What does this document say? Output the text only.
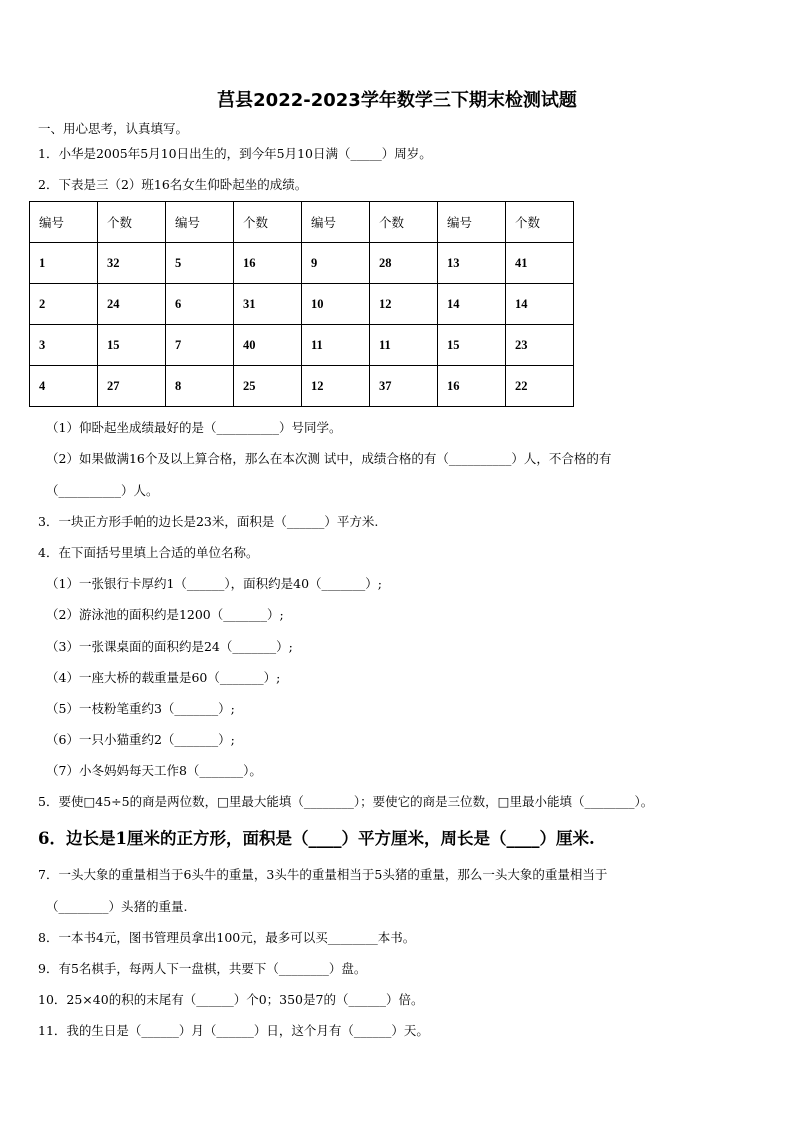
莒县2022-2023学年数学三下期末检测试题
一、用心思考，认真填写。
1．小华是2005年5月10日出生的，到今年5月10日满（_____）周岁。
2．下表是三（2）班16名女生仰卧起坐的成绩。
编号	个数	编号	个数	编号	个数	编号	个数
1	32	5	16	9	28	13	41
2	24	6	31	10	12	14	14
3	15	7	40	11	11	15	23
4	27	8	25	12	37	16	22
（1）仰卧起坐成绩最好的是（__________）号同学。
（2）如果做满16个及以上算合格，那么在本次测 试中，成绩合格的有（__________）人，不合格的有
（__________）人。
3．一块正方形手帕的边长是23米，面积是（______）平方米.
4．在下面括号里填上合适的单位名称。
（1）一张银行卡厚约1（______），面积约是40（_______）;
（2）游泳池的面积约是1200（_______）;
（3）一张课桌面的面积约是24（_______）;
（4）一座大桥的载重量是60（_______）;
（5）一枝粉笔重约3（_______）;
（6）一只小猫重约2（_______）;
（7）小冬妈妈每天工作8（_______）。
5．要使□45÷5的商是两位数，□里最大能填（________）；要使它的商是三位数，□里最小能填（________）。
6．边长是1厘米的正方形，面积是（____）平方厘米，周长是（____）厘米.
7．一头大象的重量相当于6头牛的重量，3头牛的重量相当于5头猪的重量，那么一头大象的重量相当于
（________）头猪的重量.
8．一本书4元，图书管理员拿出100元，最多可以买________本书。
9．有5名棋手，每两人下一盘棋，共要下（________）盘。
10．25×40的积的末尾有（______）个0；350是7的（______）倍。
11．我的生日是（______）月（______）日，这个月有（______）天。
